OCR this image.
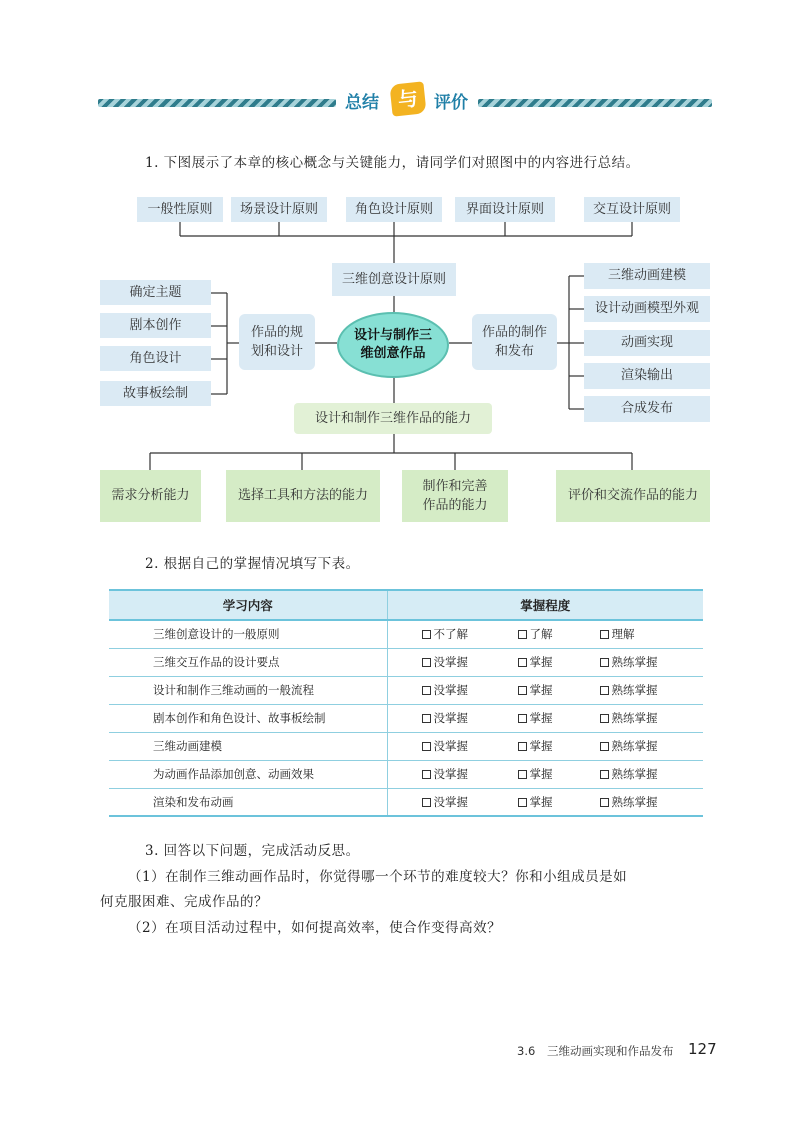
总结 与 评价
1. 下图展示了本章的核心概念与关键能力，请同学们对照图中的内容进行总结。
一般性原则	场景设计原则	角色设计原则	界面设计原则	交互设计原则
三维创意设计原则
设计与制作三
维创意作品
作品的规
划和设计
确定主题
剧本创作
角色设计
故事板绘制
作品的制作
和发布
三维动画建模
设计动画模型外观
动画实现
渲染输出
合成发布
设计和制作三维作品的能力
需求分析能力	选择工具和方法的能力
制作和完善
作品的能力
评价和交流作品的能力
2. 根据自己的掌握情况填写下表。
学习内容	掌握程度
三维创意设计的一般原则	不了解 了解 理解
三维交互作品的设计要点	没掌握 掌握 熟练掌握
设计和制作三维动画的一般流程	没掌握 掌握 熟练掌握
剧本创作和角色设计、故事板绘制	没掌握 掌握 熟练掌握
三维动画建模	没掌握 掌握 熟练掌握
为动画作品添加创意、动画效果	没掌握 掌握 熟练掌握
渲染和发布动画	没掌握 掌握 熟练掌握
3. 回答以下问题，完成活动反思。
（1）在制作三维动画作品时，你觉得哪一个环节的难度较大？你和小组成员是如
何克服困难、完成作品的？
（2）在项目活动过程中，如何提高效率，使合作变得高效？
3.6 三维动画实现和作品发布 127
